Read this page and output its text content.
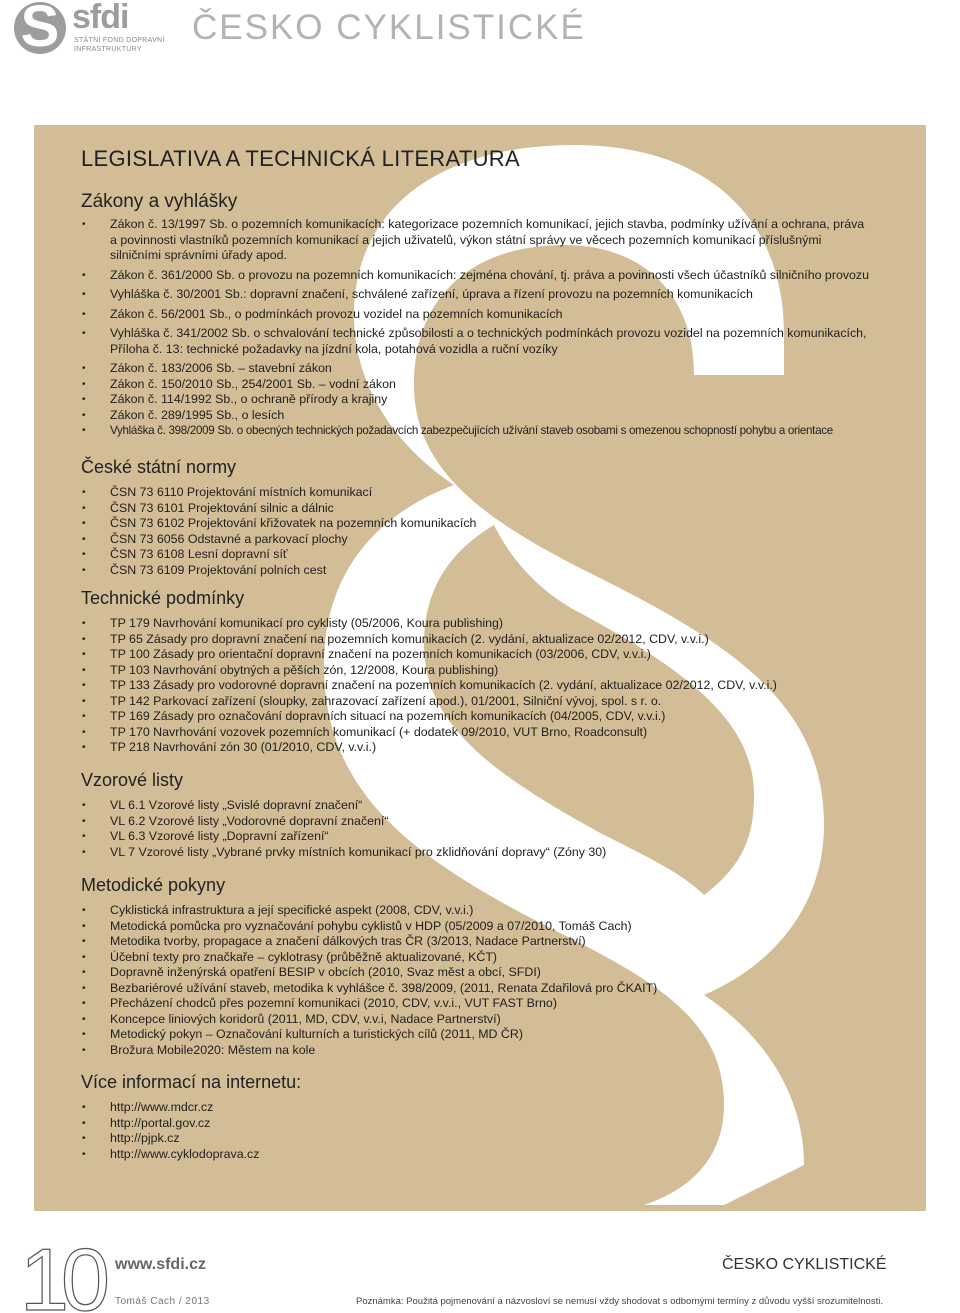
S sfdi
STÁTNÍ FOND DOPRAVNÍ
INFRASTRUKTURY
ČESKO CYKLISTICKÉ
LEGISLATIVA A TECHNICKÁ LITERATURA
Zákony a vyhlášky
• Zákon č. 13/1997 Sb. o pozemních komunikacích: kategorizace pozemních komunikací, jejich stavba, podmínky užívání a ochrana, práva a povinnosti vlastníků pozemních komunikací a jejich uživatelů, výkon státní správy ve věcech pozemních komunikací příslušnými silničními správními úřady apod.
• Zákon č. 361/2000 Sb. o provozu na pozemních komunikacích: zejména chování, tj. práva a povinnosti všech účastníků silničního provozu
• Vyhláška č. 30/2001 Sb.: dopravní značení, schválené zařízení, úprava a řízení provozu na pozemních komunikacích
• Zákon č. 56/2001 Sb., o podmínkách provozu vozidel na pozemních komunikacích
• Vyhláška č. 341/2002 Sb. o schvalování technické způsobilosti a o technických podmínkách provozu vozidel na pozemních komunikacích, Příloha č. 13: technické požadavky na jízdní kola, potahová vozidla a ruční vozíky
• Zákon č. 183/2006 Sb. – stavební zákon
• Zákon č. 150/2010 Sb., 254/2001 Sb. – vodní zákon
• Zákon č. 114/1992 Sb., o ochraně přírody a krajiny
• Zákon č. 289/1995 Sb., o lesích
• Vyhláška č. 398/2009 Sb. o obecných technických požadavcích zabezpečujících užívání staveb osobami s omezenou schopností pohybu a orientace
České státní normy
• ČSN 73 6110 Projektování místních komunikací
• ČSN 73 6101 Projektování silnic a dálnic
• ČSN 73 6102 Projektování křižovatek na pozemních komunikacích
• ČSN 73 6056 Odstavné a parkovací plochy
• ČSN 73 6108 Lesní dopravní síť
• ČSN 73 6109 Projektování polních cest
Technické podmínky
• TP 179 Navrhování komunikací pro cyklisty (05/2006, Koura publishing)
• TP 65 Zásady pro dopravní značení na pozemních komunikacích (2. vydání, aktualizace 02/2012, CDV, v.v.i.)
• TP 100 Zásady pro orientační dopravní značení na pozemních komunikacích (03/2006, CDV, v.v.i.)
• TP 103 Navrhování obytných a pěších zón, 12/2008, Koura publishing)
• TP 133 Zásady pro vodorovné dopravní značení na pozemních komunikacích (2. vydání, aktualizace 02/2012, CDV, v.v.i.)
• TP 142 Parkovací zařízení (sloupky, zahrazovací zařízení apod.), 01/2001, Silniční vývoj, spol. s r. o.
• TP 169 Zásady pro označování dopravních situací na pozemních komunikacích (04/2005, CDV, v.v.i.)
• TP 170 Navrhování vozovek pozemních komunikací (+ dodatek 09/2010, VUT Brno, Roadconsult)
• TP 218 Navrhování zón 30 (01/2010, CDV, v.v.i.)
Vzorové listy
• VL 6.1 Vzorové listy „Svislé dopravní značení“
• VL 6.2 Vzorové listy „Vodorovné dopravní značení“
• VL 6.3 Vzorové listy „Dopravní zařízení“
• VL 7 Vzorové listy „Vybrané prvky místních komunikací pro zklidňování dopravy“ (Zóny 30)
Metodické pokyny
• Cyklistická infrastruktura a její specifické aspekt (2008, CDV, v.v.i.)
• Metodická pomůcka pro vyznačování pohybu cyklistů v HDP (05/2009 a 07/2010, Tomáš Cach)
• Metodika tvorby, propagace a značení dálkových tras ČR (3/2013, Nadace Partnerství)
• Účební texty pro značkaře – cyklotrasy (průběžně aktualizované, KČT)
• Dopravně inženýrská opatření BESIP v obcích (2010, Svaz měst a obcí, SFDI)
• Bezbariérové užívání staveb, metodika k vyhlášce č. 398/2009, (2011, Renata Zdařilová pro ČKAIT)
• Přecházení chodců přes pozemní komunikaci (2010, CDV, v.v.i., VUT FAST Brno)
• Koncepce liniových koridorů (2011, MD, CDV, v.v.i, Nadace Partnerství)
• Metodický pokyn – Označování kulturních a turistických cílů (2011, MD ČR)
• Brožura Mobile2020: Městem na kole
Více informací na internetu:
• http://www.mdcr.cz
• http://portal.gov.cz
• http://pjpk.cz
• http://www.cyklodoprava.cz
10 www.sfdi.cz
Tomáš Cach / 2013
ČESKO CYKLISTICKÉ
Poznámka: Použitá pojmenování a názvosloví se nemusí vždy shodovat s odbornými termíny z důvodu vyšší srozumitelnosti.
